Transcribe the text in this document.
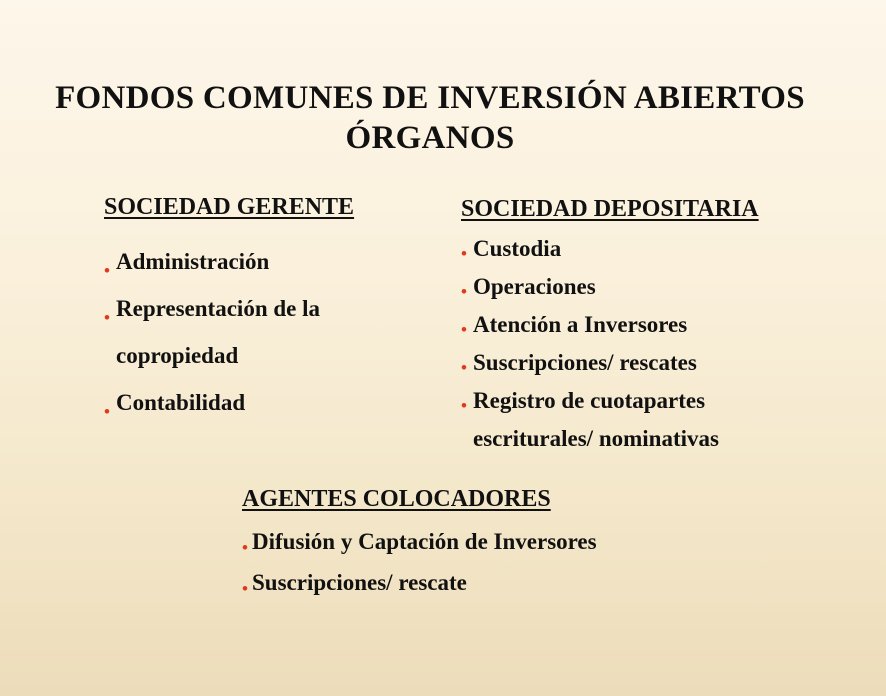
FONDOS COMUNES DE INVERSIÓN ABIERTOS
ÓRGANOS
SOCIEDAD GERENTE
• Administración
• Representación de la
copropiedad
• Contabilidad
SOCIEDAD DEPOSITARIA
• Custodia
• Operaciones
• Atención a Inversores
• Suscripciones/ rescates
• Registro de cuotapartes
escriturales/ nominativas
AGENTES COLOCADORES
• Difusión y Captación de Inversores
• Suscripciones/ rescate
